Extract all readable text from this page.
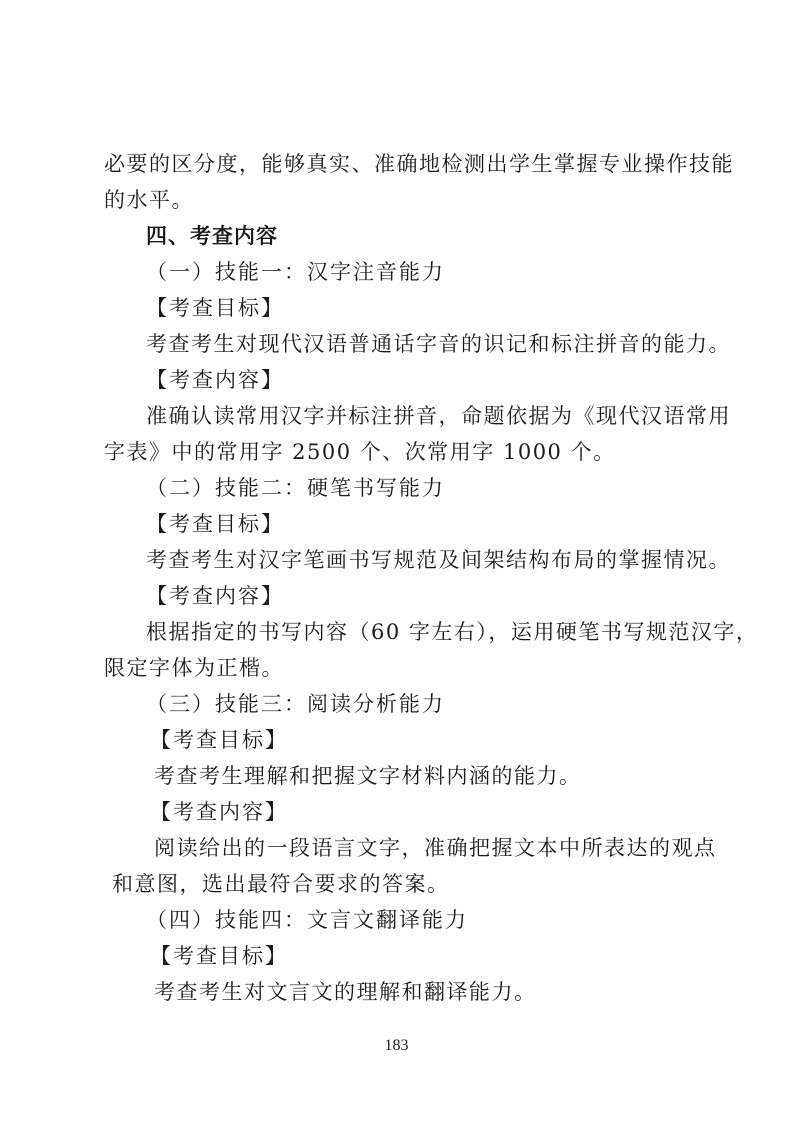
必要的区分度，能够真实、准确地检测出学生掌握专业操作技能
的水平。
四、考查内容
（一）技能一：汉字注音能力
【考查目标】
考查考生对现代汉语普通话字音的识记和标注拼音的能力。
【考查内容】
准确认读常用汉字并标注拼音，命题依据为《现代汉语常用
字表》中的常用字 2500 个、次常用字 1000 个。
（二）技能二：硬笔书写能力
【考查目标】
考查考生对汉字笔画书写规范及间架结构布局的掌握情况。
【考查内容】
根据指定的书写内容（60 字左右），运用硬笔书写规范汉字，
限定字体为正楷。
（三）技能三：阅读分析能力
【考查目标】
考查考生理解和把握文字材料内涵的能力。
【考查内容】
阅读给出的一段语言文字，准确把握文本中所表达的观点
和意图，选出最符合要求的答案。
（四）技能四：文言文翻译能力
【考查目标】
考查考生对文言文的理解和翻译能力。
183
